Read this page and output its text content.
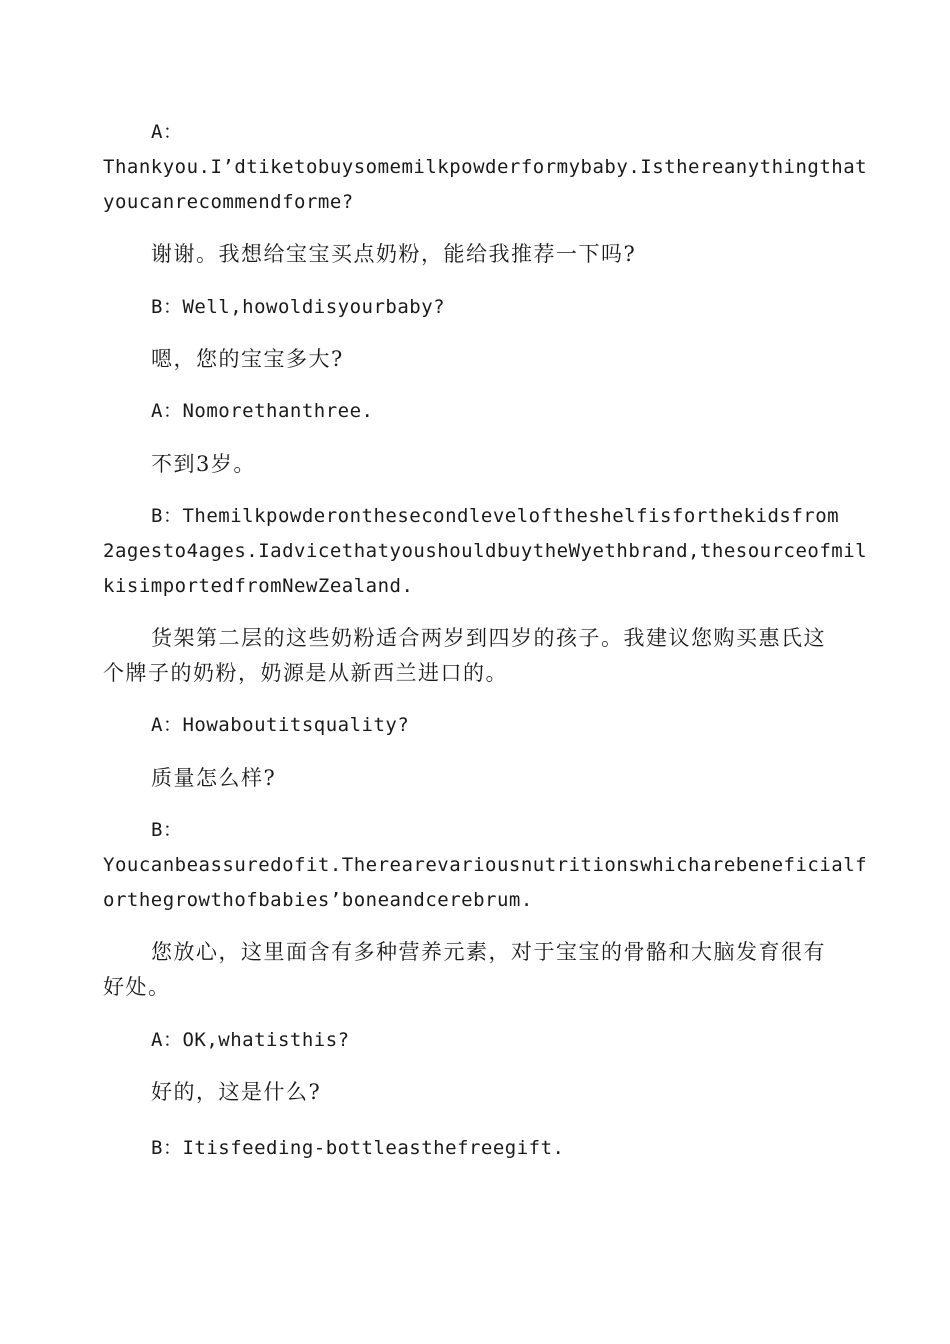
A：
Thankyou.I’dtiketobuysomemilkpowderformybaby.Isthereanythingthat
youcanrecommendforme?
谢谢。我想给宝宝买点奶粉，能给我推荐一下吗?
B：Well,howoldisyourbaby?
嗯，您的宝宝多大?
A：Nomorethanthree.
不到3岁。
B：Themilkpowderonthesecondleveloftheshelfisforthekidsfrom
2agesto4ages.IadvicethatyoushouldbuytheWyethbrand,thesourceofmil
kisimportedfromNewZealand.
货架第二层的这些奶粉适合两岁到四岁的孩子。我建议您购买惠氏这
个牌子的奶粉，奶源是从新西兰进口的。
A：Howaboutitsquality?
质量怎么样?
B：
Youcanbeassuredofit.Therearevariousnutritionswhicharebeneficialf
orthegrowthofbabies’boneandcerebrum.
您放心，这里面含有多种营养元素，对于宝宝的骨骼和大脑发育很有
好处。
A：OK,whatisthis?
好的，这是什么?
B：Itisfeeding-bottleasthefreegift.
